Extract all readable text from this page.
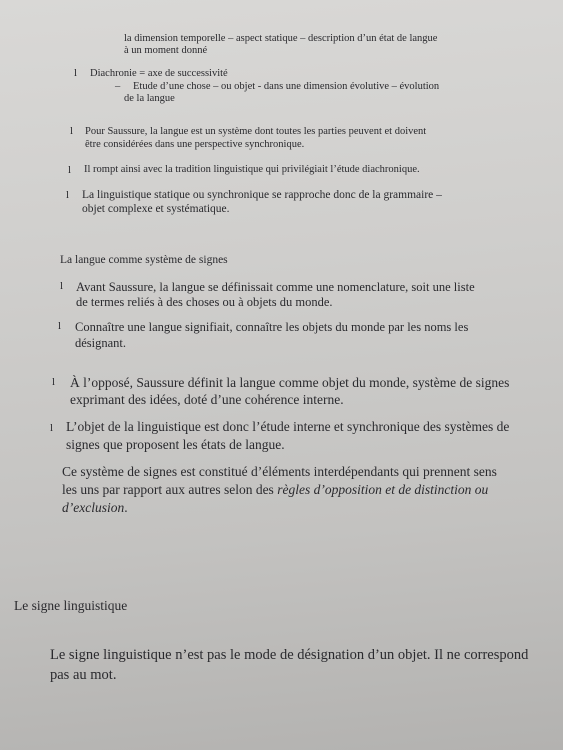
la dimension temporelle – aspect statique – description d’un état de langue
à un moment donné
l Diachronie = axe de successivité
– Etude d’une chose – ou objet - dans une dimension évolutive – évolution
de la langue
l Pour Saussure, la langue est un système dont toutes les parties peuvent et doivent
être considérées dans une perspective synchronique.
l Il rompt ainsi avec la tradition linguistique qui privilégiait l’étude diachronique.
l La linguistique statique ou synchronique se rapproche donc de la grammaire –
objet complexe et systématique.
La langue comme système de signes
l Avant Saussure, la langue se définissait comme une nomenclature, soit une liste
de termes reliés à des choses ou à objets du monde.
l Connaître une langue signifiait, connaître les objets du monde par les noms les
désignant.
l À l’opposé, Saussure définit la langue comme objet du monde, système de signes
exprimant des idées, doté d’une cohérence interne.
l L’objet de la linguistique est donc l’étude interne et synchronique des systèmes de
signes que proposent les états de langue.
Ce système de signes est constitué d’éléments interdépendants qui prennent sens
les uns par rapport aux autres selon des règles d’opposition et de distinction ou
d’exclusion.
Le signe linguistique
Le signe linguistique n’est pas le mode de désignation d’un objet. Il ne correspond
pas au mot.
